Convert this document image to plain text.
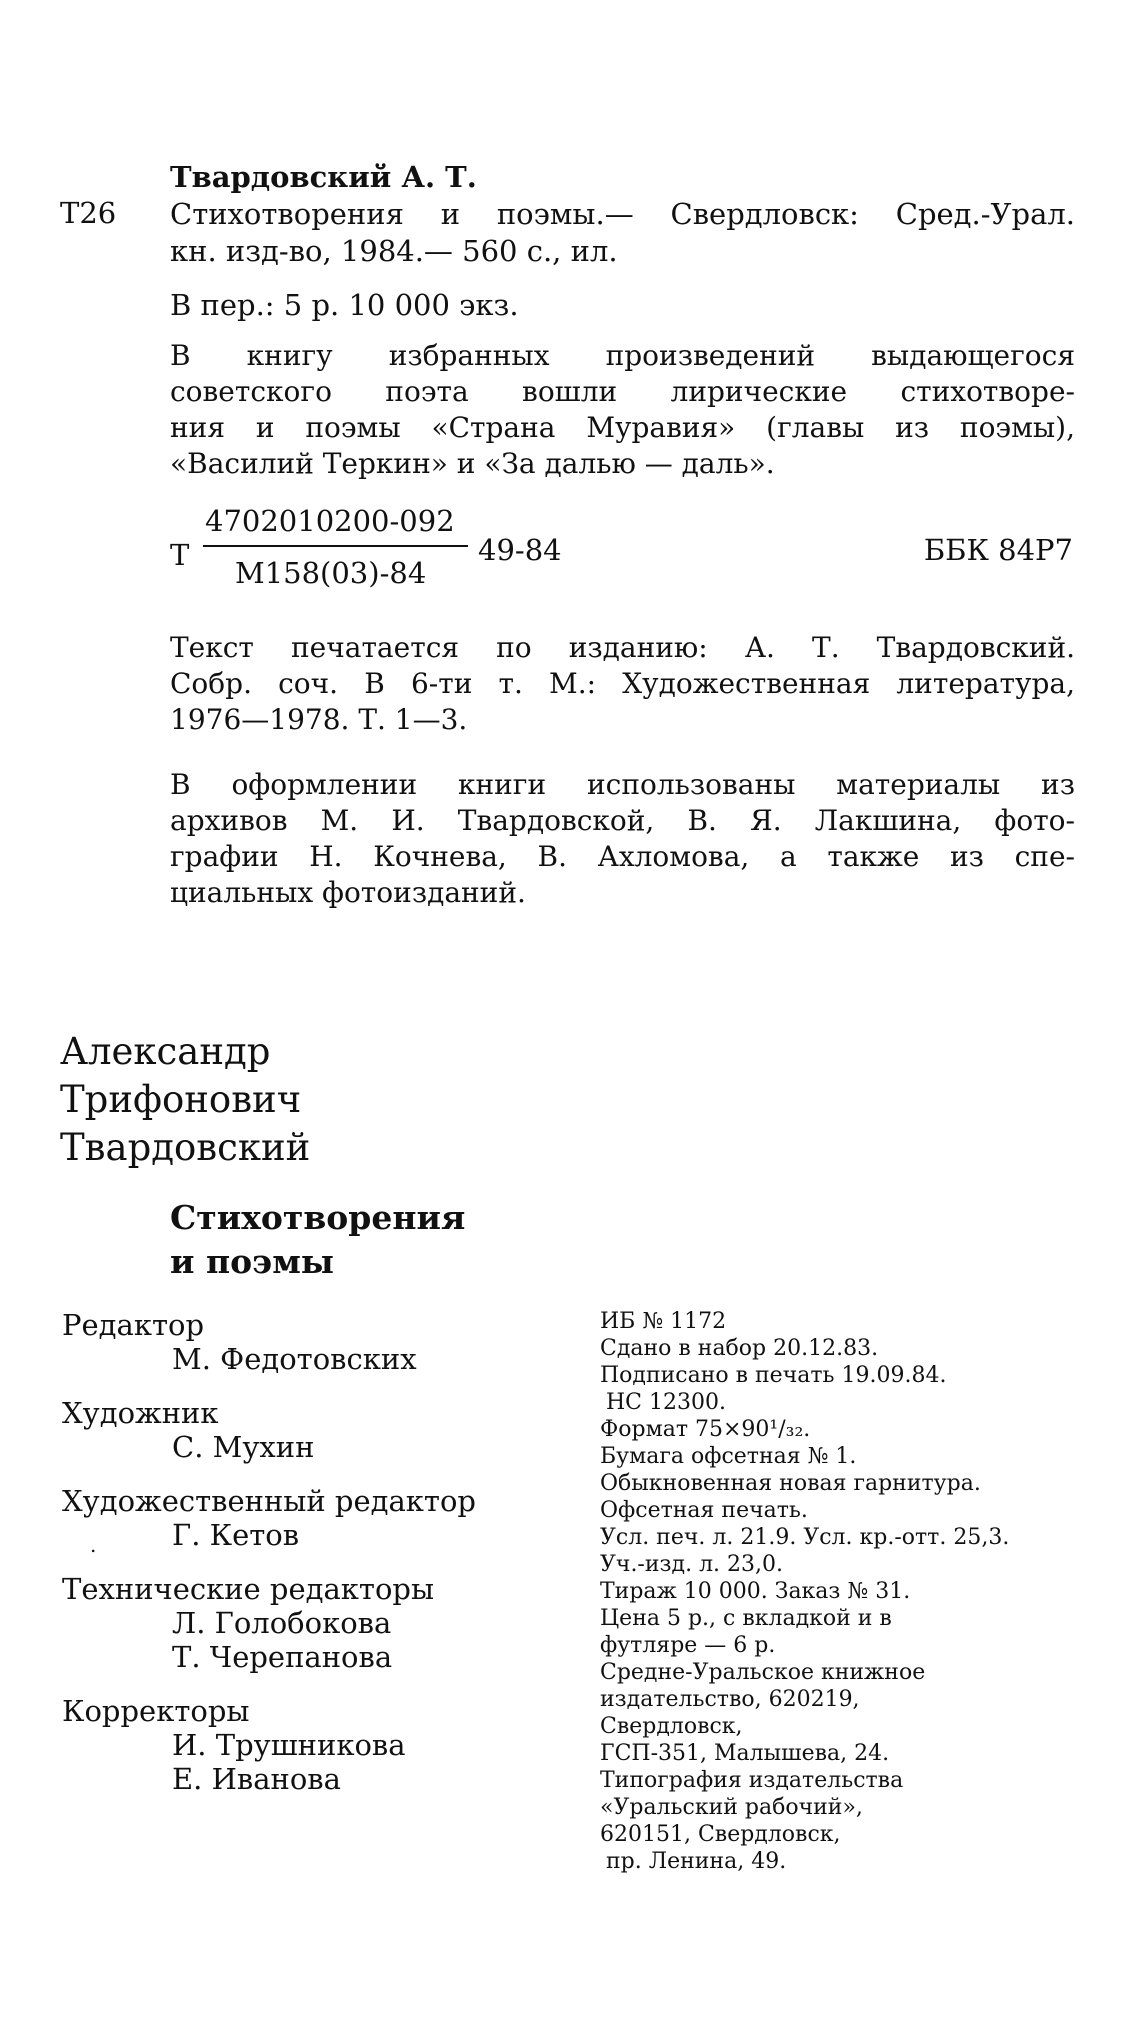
Твардовский А. Т.
Т26 Стихотворения и поэмы.— Свердловск: Сред.-Урал.
кн. изд-во, 1984.— 560 с., ил.
В пер.: 5 р. 10 000 экз.
В книгу избранных произведений выдающегося
советского поэта вошли лирические стихотворе-
ния и поэмы «Страна Муравия» (главы из поэмы),
«Василий Теркин» и «За далью — даль».
Т
4702010200-092
М158(03)-84
49-84	ББК 84Р7
Текст печатается по изданию: А. Т. Твардовский.
Собр. соч. В 6-ти т. М.: Художественная литература,
1976—1978. Т. 1—3.
В оформлении книги использованы материалы из
архивов М. И. Твардовской, В. Я. Лакшина, фото-
графии Н. Кочнева, В. Ахломова, а также из спе-
циальных фотоизданий.
Александр
Трифонович
Твардовский
Стихотворения
и поэмы
Редактор
М. Федотовских
Художник
С. Мухин
Художественный редактор
.	Г. Кетов
Технические редакторы
Л. Голобокова
Т. Черепанова
Корректоры
И. Трушникова
Е. Иванова
ИБ № 1172
Сдано в набор 20.12.83.
Подписано в печать 19.09.84.
НС 12300.
Формат 75×90¹/₃₂.
Бумага офсетная № 1.
Обыкновенная новая гарнитура.
Офсетная печать.
Усл. печ. л. 21.9. Усл. кр.-отт. 25,3.
Уч.-изд. л. 23,0.
Тираж 10 000. Заказ № 31.
Цена 5 р., с вкладкой и в
футляре — 6 р.
Средне-Уральское книжное
издательство, 620219,
Свердловск,
ГСП-351, Малышева, 24.
Типография издательства
«Уральский рабочий»,
620151, Свердловск,
пр. Ленина, 49.
